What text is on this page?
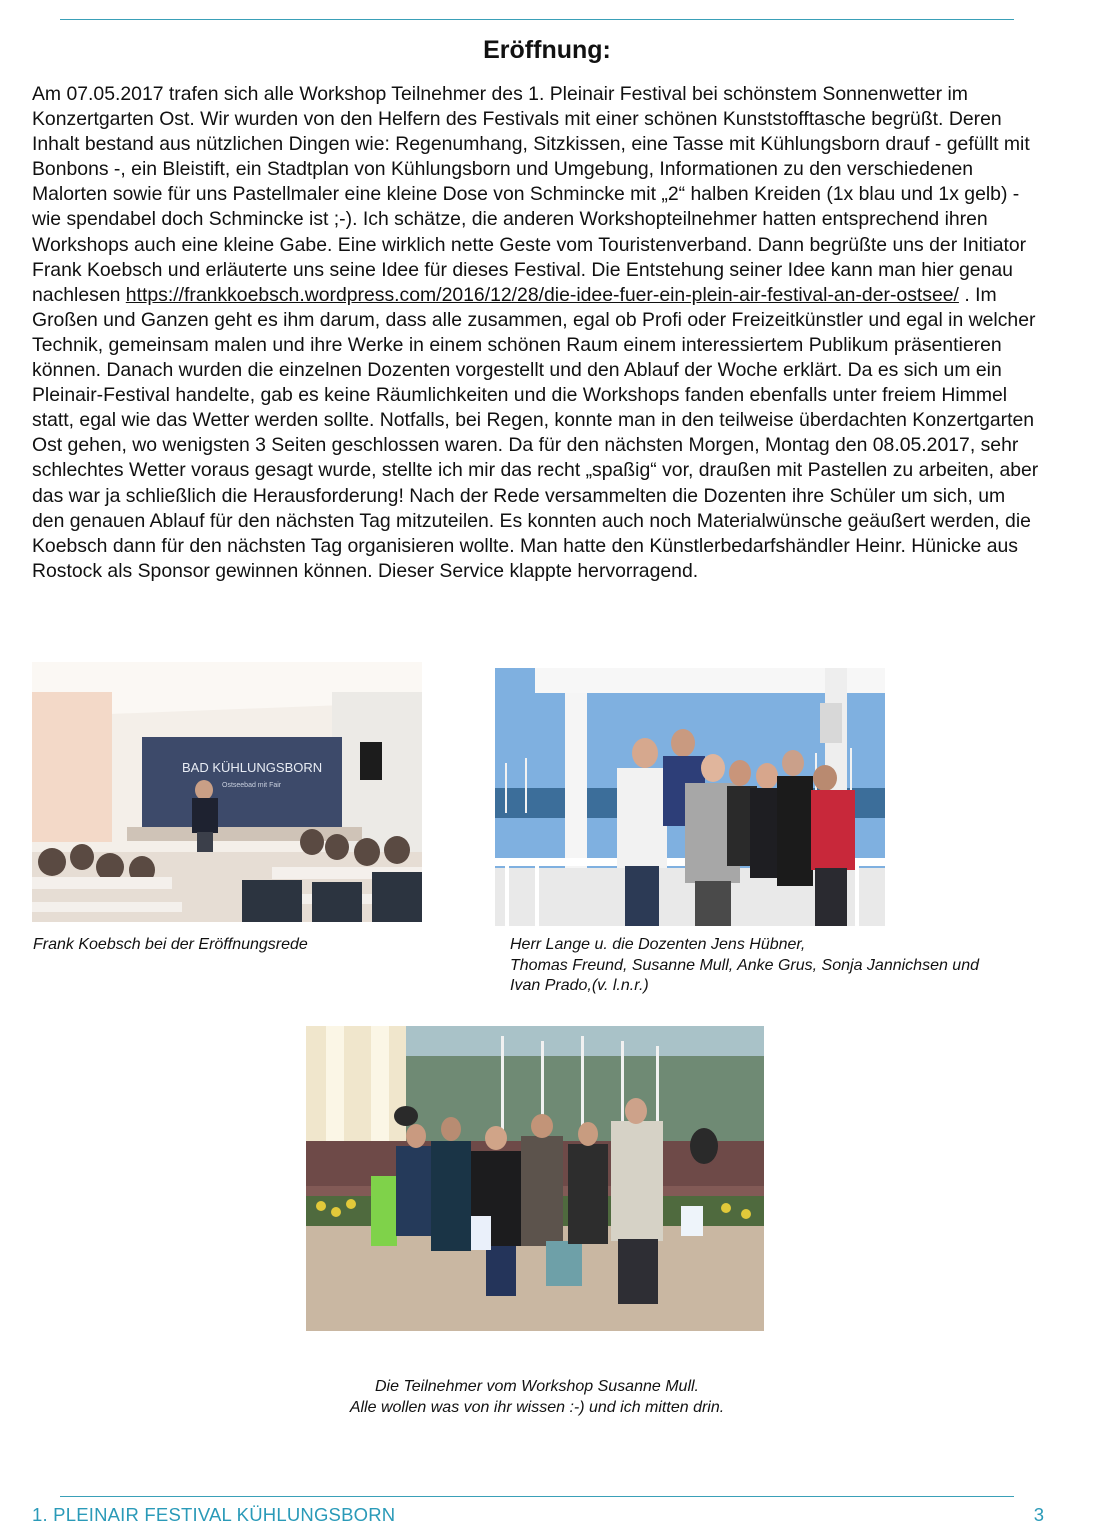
Eröffnung:

Am 07.05.2017 trafen sich alle Workshop Teilnehmer des 1. Pleinair Festival bei schönstem Sonnenwetter im Konzertgarten Ost. Wir wurden von den Helfern des Festivals mit einer schönen Kunststofftasche begrüßt. Deren Inhalt bestand aus nützlichen Dingen wie: Regenumhang, Sitzkissen, eine Tasse mit Kühlungsborn drauf - gefüllt mit Bonbons -, ein Bleistift, ein Stadtplan von Kühlungsborn und Umgebung, Informationen zu den verschiedenen Malorten sowie für uns Pastellmaler eine kleine Dose von Schmincke mit „2“ halben Kreiden (1x blau und 1x gelb) - wie spendabel doch Schmincke ist ;-). Ich schätze, die anderen Workshopteilnehmer hatten entsprechend ihren Workshops auch eine kleine Gabe. Eine wirklich nette Geste vom Touristenverband. Dann begrüßte uns der Initiator Frank Koebsch und erläuterte uns seine Idee für dieses Festival. Die Entstehung seiner Idee kann man hier genau nachlesen https://frankkoebsch.wordpress.com/2016/12/28/die-idee-fuer-ein-plein-air-festival-an-der-ostsee/ . Im Großen und Ganzen geht es ihm darum, dass alle zusammen, egal ob Profi oder Freizeitkünstler und egal in welcher Technik, gemeinsam malen und ihre Werke in einem schönen Raum einem interessiertem Publikum präsentieren können. Danach wurden die einzelnen Dozenten vorgestellt und den Ablauf der Woche erklärt. Da es sich um ein Pleinair-Festival handelte, gab es keine Räumlichkeiten und die Workshops fanden ebenfalls unter freiem Himmel statt, egal wie das Wetter werden sollte. Notfalls, bei Regen, konnte man in den teilweise überdachten Konzertgarten Ost gehen, wo wenigsten 3 Seiten geschlossen waren. Da für den nächsten Morgen, Montag den 08.05.2017, sehr schlechtes Wetter voraus gesagt wurde, stellte ich mir das recht „spaßig“ vor, draußen mit Pastellen zu arbeiten, aber das war ja schließlich die Herausforderung! Nach der Rede versammelten die Dozenten ihre Schüler um sich, um den genauen Ablauf für den nächsten Tag mitzuteilen. Es konnten auch noch Materialwünsche geäußert werden, die Koebsch dann für den nächsten Tag organisieren wollte. Man hatte den Künstlerbedarfshändler Heinr. Hünicke aus Rostock als Sponsor gewinnen können. Dieser Service klappte hervorragend.

BAD KÜHLUNGSBORN
Ostseebad mit Fair
Frank Koebsch bei der Eröffnungsrede	Herr Lange u. die Dozenten Jens Hübner,
Thomas Freund, Susanne Mull, Anke Grus, Sonja Jannichsen und
Ivan Prado,(v. l.n.r.)
Die Teilnehmer vom Workshop Susanne Mull.
Alle wollen was von ihr wissen :-) und ich mitten drin.
1. PLEINAIR FESTIVAL KÜHLUNGSBORN	3
